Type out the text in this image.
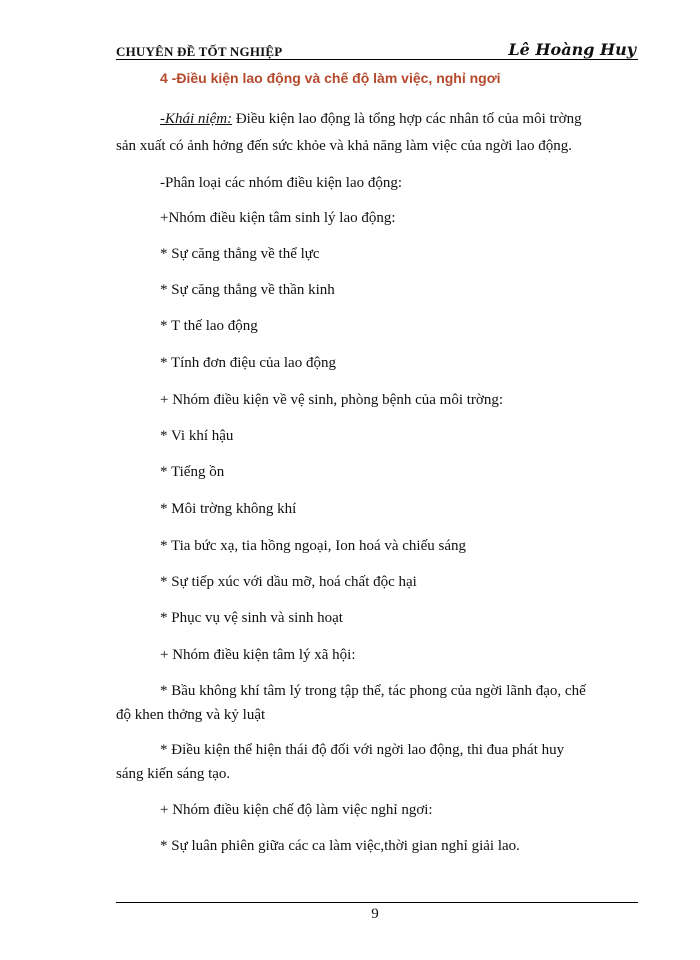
CHUYÊN ĐỀ TỐT NGHIỆP	Lê Hoàng Huy
4 -Điều kiện lao động và chế độ làm việc, nghỉ ngơi
-Khái niệm: Điều kiện lao động là tổng hợp các nhân tố của môi trờng
sản xuất có ảnh hởng đến sức khỏe và khả năng làm việc của ngời lao động.
-Phân loại các nhóm điều kiện lao động:
+Nhóm điều kiện tâm sinh lý lao động:
* Sự căng thẳng về thể lực
* Sự căng thẳng về thần kinh
* T thế lao động
* Tính đơn điệu của lao động
+ Nhóm điều kiện về vệ sinh, phòng bệnh của môi trờng:
* Vi khí hậu
* Tiếng ồn
* Môi trờng không khí
* Tia bức xạ, tia hồng ngoại, Ion hoá và chiếu sáng
* Sự tiếp xúc với dầu mỡ, hoá chất độc hại
* Phục vụ vệ sinh và sinh hoạt
+ Nhóm điều kiện tâm lý xã hội:
* Bầu không khí tâm lý trong tập thể, tác phong của ngời lãnh đạo, chế
độ khen thởng và kỷ luật
* Điều kiện thể hiện thái độ đối với ngời lao động, thi đua phát huy
sáng kiến sáng tạo.
+ Nhóm điều kiện chế độ làm việc nghỉ ngơi:
* Sự luân phiên giữa các ca làm việc,thời gian nghỉ giải lao.
9
